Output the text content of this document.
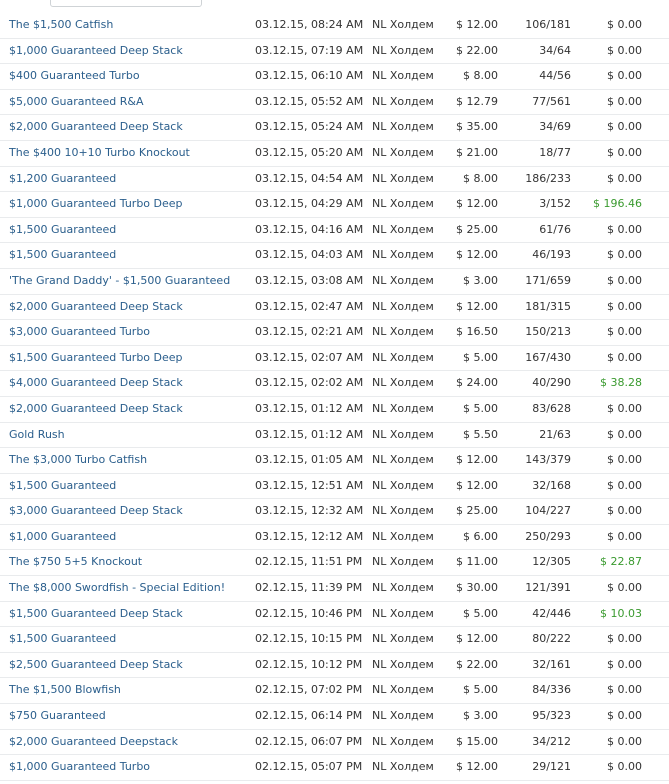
The $1,500 Catfish	03.12.15, 08:24 AM NL Холдем	$ 12.00	106/181	$ 0.00
$1,000 Guaranteed Deep Stack	03.12.15, 07:19 AM NL Холдем	$ 22.00	34/64	$ 0.00
$400 Guaranteed Turbo	03.12.15, 06:10 AM NL Холдем	$ 8.00	44/56	$ 0.00
$5,000 Guaranteed R&A	03.12.15, 05:52 AM NL Холдем	$ 12.79	77/561	$ 0.00
$2,000 Guaranteed Deep Stack	03.12.15, 05:24 AM NL Холдем	$ 35.00	34/69	$ 0.00
The $400 10+10 Turbo Knockout	03.12.15, 05:20 AM NL Холдем	$ 21.00	18/77	$ 0.00
$1,200 Guaranteed	03.12.15, 04:54 AM NL Холдем	$ 8.00	186/233	$ 0.00
$1,000 Guaranteed Turbo Deep	03.12.15, 04:29 AM NL Холдем	$ 12.00	3/152	$ 196.46
$1,500 Guaranteed	03.12.15, 04:16 AM NL Холдем	$ 25.00	61/76	$ 0.00
$1,500 Guaranteed	03.12.15, 04:03 AM NL Холдем	$ 12.00	46/193	$ 0.00
'The Grand Daddy' - $1,500 Guaranteed 03.12.15, 03:08 AM NL Холдем	$ 3.00	171/659	$ 0.00
$2,000 Guaranteed Deep Stack	03.12.15, 02:47 AM NL Холдем	$ 12.00	181/315	$ 0.00
$3,000 Guaranteed Turbo	03.12.15, 02:21 AM NL Холдем	$ 16.50	150/213	$ 0.00
$1,500 Guaranteed Turbo Deep	03.12.15, 02:07 AM NL Холдем	$ 5.00	167/430	$ 0.00
$4,000 Guaranteed Deep Stack	03.12.15, 02:02 AM NL Холдем	$ 24.00	40/290	$ 38.28
$2,000 Guaranteed Deep Stack	03.12.15, 01:12 AM NL Холдем	$ 5.00	83/628	$ 0.00
Gold Rush	03.12.15, 01:12 AM NL Холдем	$ 5.50	21/63	$ 0.00
The $3,000 Turbo Catfish	03.12.15, 01:05 AM NL Холдем	$ 12.00	143/379	$ 0.00
$1,500 Guaranteed	03.12.15, 12:51 AM NL Холдем	$ 12.00	32/168	$ 0.00
$3,000 Guaranteed Deep Stack	03.12.15, 12:32 AM NL Холдем	$ 25.00	104/227	$ 0.00
$1,000 Guaranteed	03.12.15, 12:12 AM NL Холдем	$ 6.00	250/293	$ 0.00
The $750 5+5 Knockout	02.12.15, 11:51 PM NL Холдем	$ 11.00	12/305	$ 22.87
The $8,000 Swordfish - Special Edition!	02.12.15, 11:39 PM NL Холдем	$ 30.00	121/391	$ 0.00
$1,500 Guaranteed Deep Stack	02.12.15, 10:46 PM NL Холдем	$ 5.00	42/446	$ 10.03
$1,500 Guaranteed	02.12.15, 10:15 PM NL Холдем	$ 12.00	80/222	$ 0.00
$2,500 Guaranteed Deep Stack	02.12.15, 10:12 PM NL Холдем	$ 22.00	32/161	$ 0.00
The $1,500 Blowfish	02.12.15, 07:02 PM NL Холдем	$ 5.00	84/336	$ 0.00
$750 Guaranteed	02.12.15, 06:14 PM NL Холдем	$ 3.00	95/323	$ 0.00
$2,000 Guaranteed Deepstack	02.12.15, 06:07 PM NL Холдем	$ 15.00	34/212	$ 0.00
$1,000 Guaranteed Turbo	02.12.15, 05:07 PM NL Холдем	$ 12.00	29/121	$ 0.00
